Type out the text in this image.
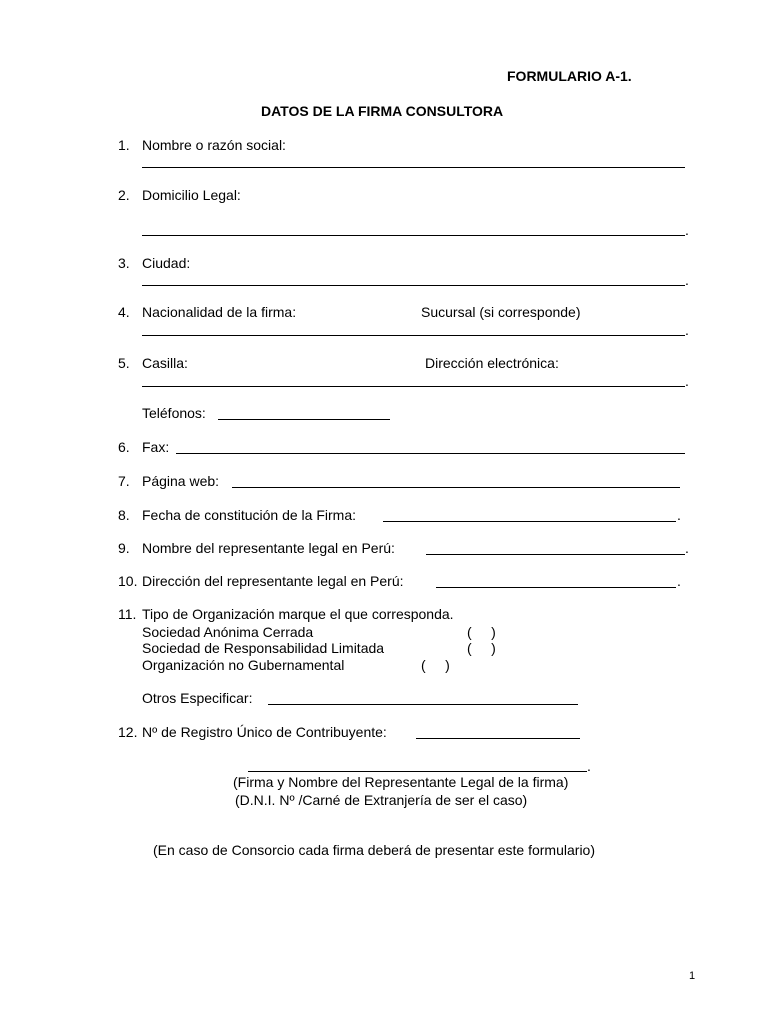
FORMULARIO A-1.
DATOS DE LA FIRMA CONSULTORA
1. Nombre o razón social:
2. Domicilio Legal:
.
3. Ciudad:
.
4. Nacionalidad de la firma:	Sucursal (si corresponde)
.
5. Casilla:	Dirección electrónica:
.
Teléfonos:
6. Fax:
7. Página web:
8. Fecha de constitución de la Firma:	.
9. Nombre del representante legal en Perú:	.
10. Dirección del representante legal en Perú:	.
11. Tipo de Organización marque el que corresponda.
Sociedad Anónima Cerrada	(     )
Sociedad de Responsabilidad Limitada	(     )
Organización no Gubernamental	(     )
Otros Especificar:
12. Nº de Registro Único de Contribuyente:
.
(Firma y Nombre del Representante Legal de la firma)
(D.N.I. Nº /Carné de Extranjería de ser el caso)
(En caso de Consorcio cada firma deberá de presentar este formulario)
1
